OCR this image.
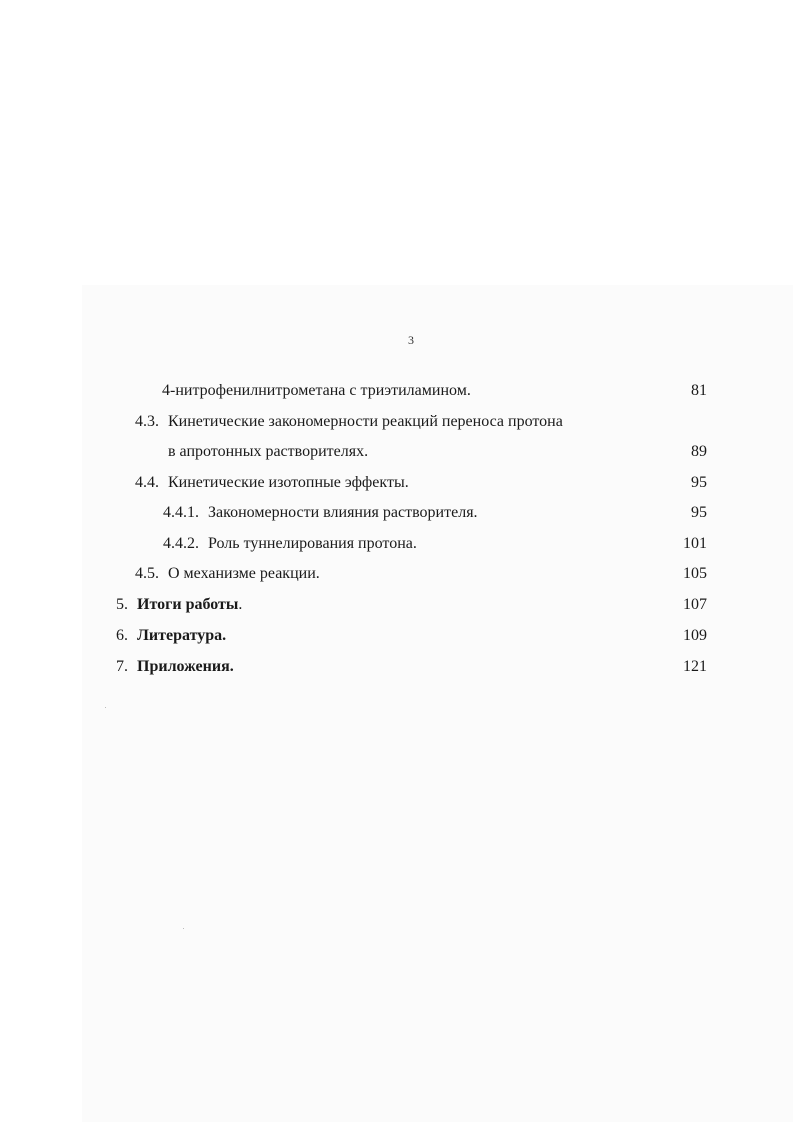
3
4-нитрофенилнитрометана с триэтиламином.	81
4.3. Кинетические закономерности реакций переноса протона
в апротонных растворителях.	89
4.4. Кинетические изотопные эффекты.	95
4.4.1. Закономерности влияния растворителя.	95
4.4.2. Роль туннелирования протона.	101
4.5. О механизме реакции.	105
5. Итоги работы.	107
6. Литература.	109
7. Приложения.	121
